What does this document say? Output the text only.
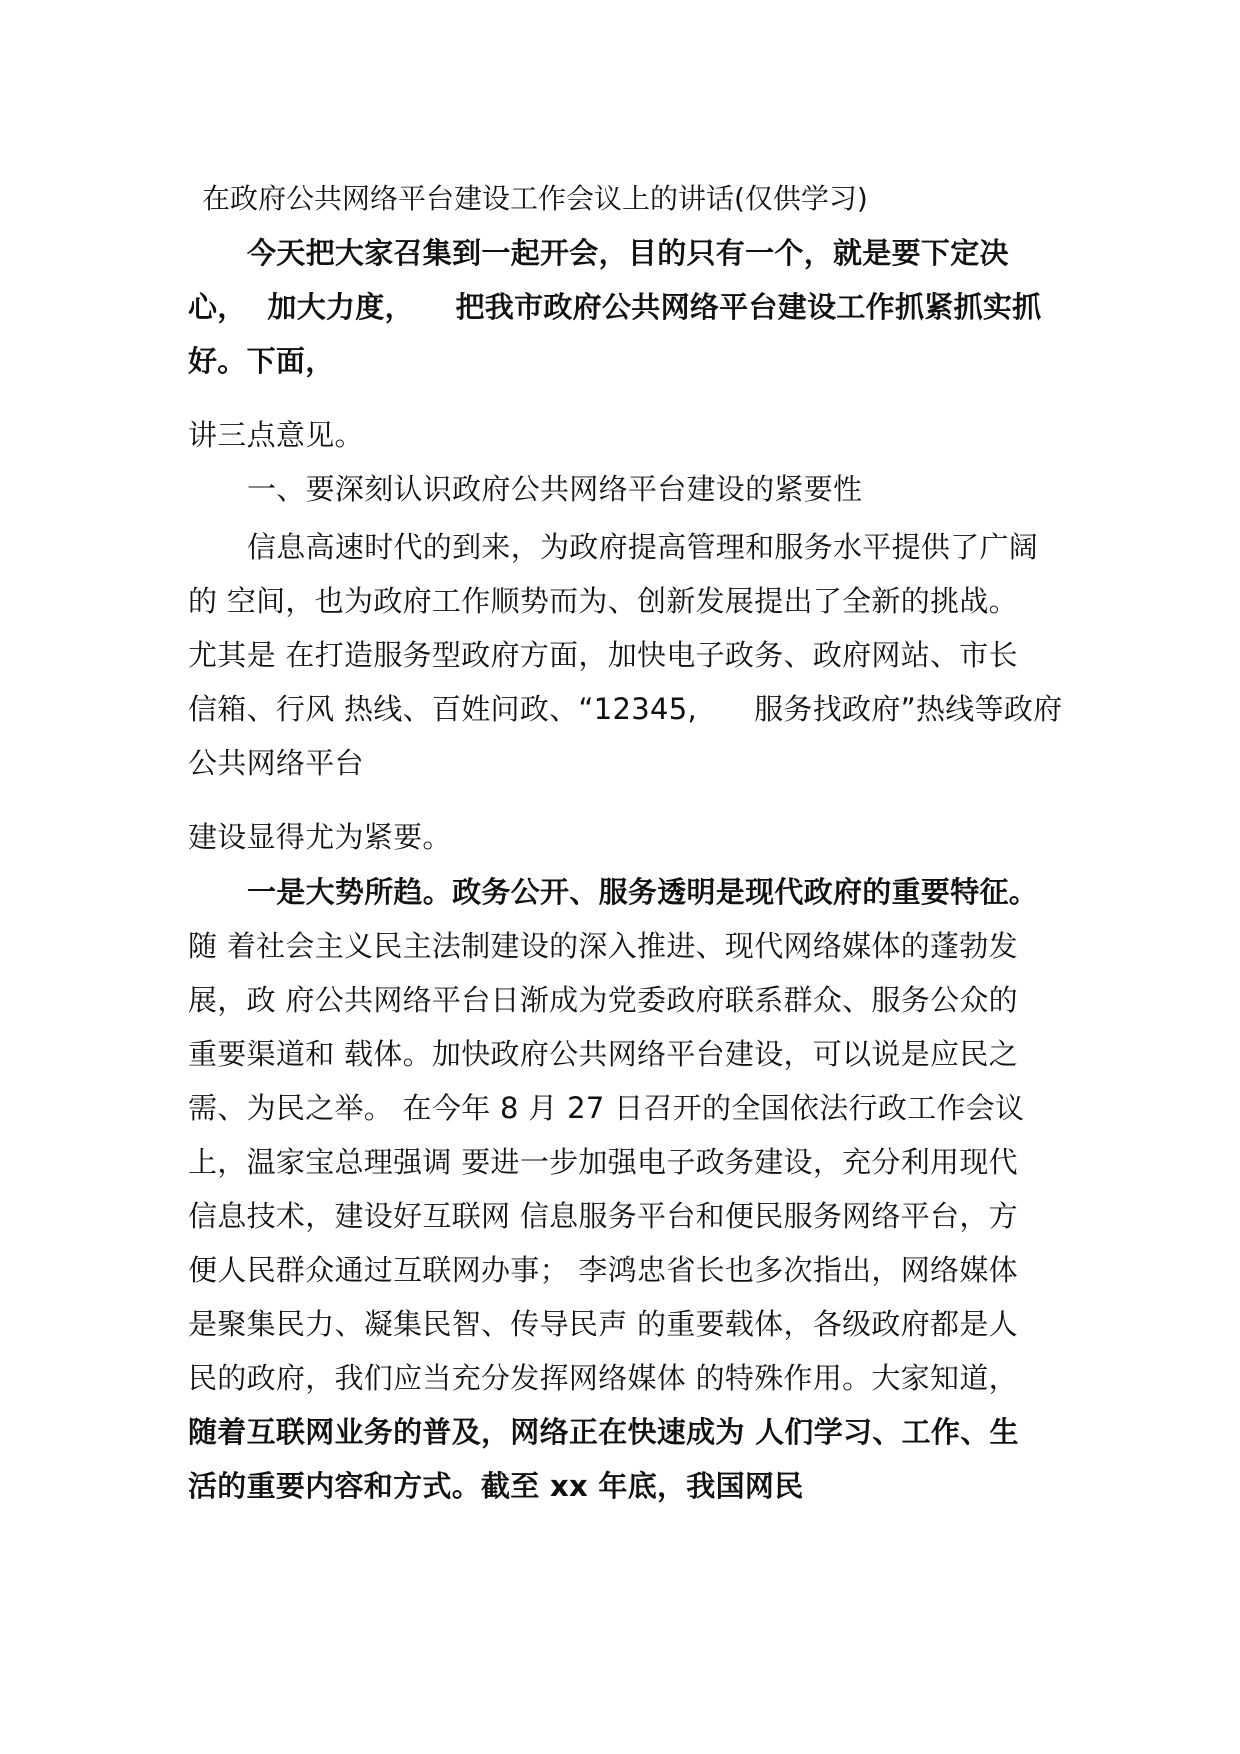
在政府公共网络平台建设工作会议上的讲话(仅供学习)
今天把大家召集到一起开会，目的只有一个，就是要下定决
心，  加大力度，    把我市政府公共网络平台建设工作抓紧抓实抓
好。下面，
讲三点意见。
一、要深刻认识政府公共网络平台建设的紧要性
信息高速时代的到来，为政府提高管理和服务水平提供了广阔
的 空间，也为政府工作顺势而为、创新发展提出了全新的挑战。
尤其是 在打造服务型政府方面，加快电子政务、政府网站、市长
信箱、行风 热线、百姓问政、“12345,      服务找政府”热线等政府
公共网络平台
建设显得尤为紧要。
一是大势所趋。政务公开、服务透明是现代政府的重要特征。
随 着社会主义民主法制建设的深入推进、现代网络媒体的蓬勃发
展，政 府公共网络平台日渐成为党委政府联系群众、服务公众的
重要渠道和 载体。加快政府公共网络平台建设，可以说是应民之
需、为民之举。 在今年 8 月 27 日召开的全国依法行政工作会议
上，温家宝总理强调 要进一步加强电子政务建设，充分利用现代
信息技术，建设好互联网 信息服务平台和便民服务网络平台，方
便人民群众通过互联网办事； 李鸿忠省长也多次指出，网络媒体
是聚集民力、凝集民智、传导民声 的重要载体，各级政府都是人
民的政府，我们应当充分发挥网络媒体 的特殊作用。大家知道，
随着互联网业务的普及，网络正在快速成为 人们学习、工作、生
活的重要内容和方式。截至 xx 年底，我国网民
